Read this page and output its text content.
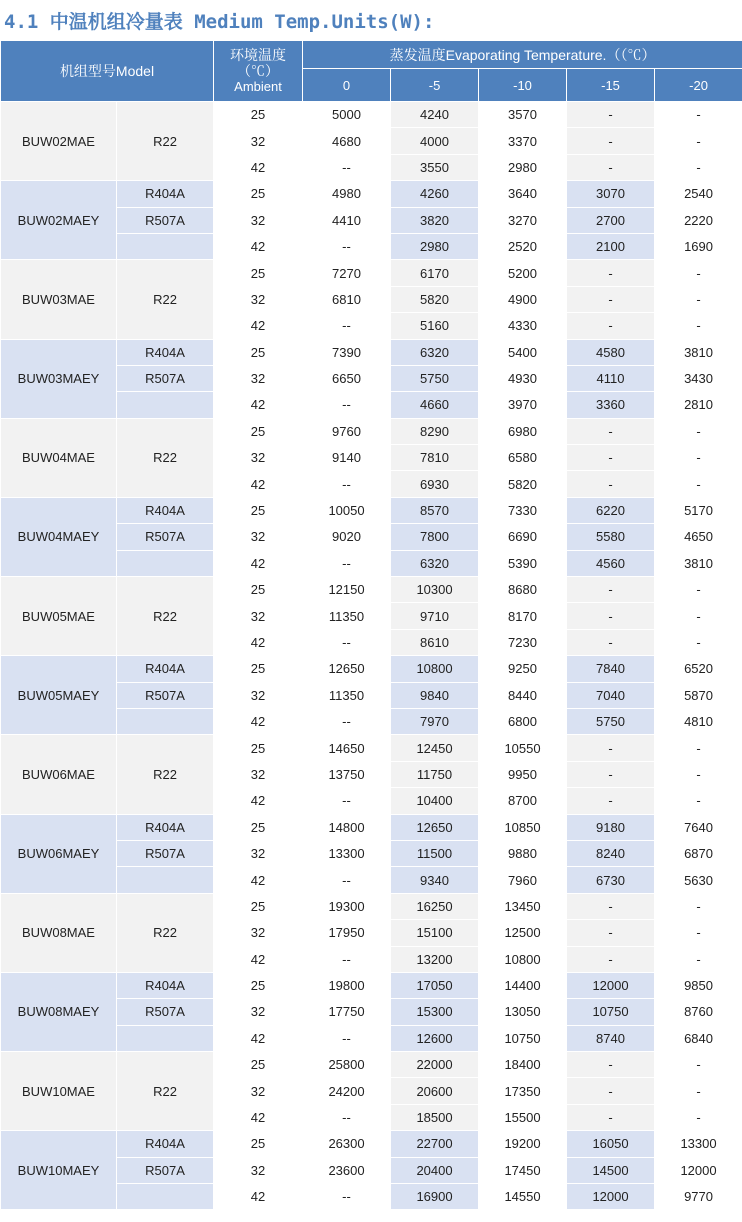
4.1 中温机组冷量表 Medium Temp.Units(W):
机组型号Model		环境温度
（℃）
Ambient	蒸发温度Evaporating Temperature.（（℃）				
			0	-5	-10	-15	-20
BUW02MAE	R22	25	5000	4240	3570	-	-
		32	4680	4000	3370	-	-
		42	--	3550	2980	-	-
BUW02MAEY	R404A	25	4980	4260	3640	3070	2540
	R507A	32	4410	3820	3270	2700	2220
		42	--	2980	2520	2100	1690
BUW03MAE	R22	25	7270	6170	5200	-	-
		32	6810	5820	4900	-	-
		42	--	5160	4330	-	-
BUW03MAEY	R404A	25	7390	6320	5400	4580	3810
	R507A	32	6650	5750	4930	4110	3430
		42	--	4660	3970	3360	2810
BUW04MAE	R22	25	9760	8290	6980	-	-
		32	9140	7810	6580	-	-
		42	--	6930	5820	-	-
BUW04MAEY	R404A	25	10050	8570	7330	6220	5170
	R507A	32	9020	7800	6690	5580	4650
		42	--	6320	5390	4560	3810
BUW05MAE	R22	25	12150	10300	8680	-	-
		32	11350	9710	8170	-	-
		42	--	8610	7230	-	-
BUW05MAEY	R404A	25	12650	10800	9250	7840	6520
	R507A	32	11350	9840	8440	7040	5870
		42	--	7970	6800	5750	4810
BUW06MAE	R22	25	14650	12450	10550	-	-
		32	13750	11750	9950	-	-
		42	--	10400	8700	-	-
BUW06MAEY	R404A	25	14800	12650	10850	9180	7640
	R507A	32	13300	11500	9880	8240	6870
		42	--	9340	7960	6730	5630
BUW08MAE	R22	25	19300	16250	13450	-	-
		32	17950	15100	12500	-	-
		42	--	13200	10800	-	-
BUW08MAEY	R404A	25	19800	17050	14400	12000	9850
	R507A	32	17750	15300	13050	10750	8760
		42	--	12600	10750	8740	6840
BUW10MAE	R22	25	25800	22000	18400	-	-
		32	24200	20600	17350	-	-
		42	--	18500	15500	-	-
BUW10MAEY	R404A	25	26300	22700	19200	16050	13300
	R507A	32	23600	20400	17450	14500	12000
		42	--	16900	14550	12000	9770
